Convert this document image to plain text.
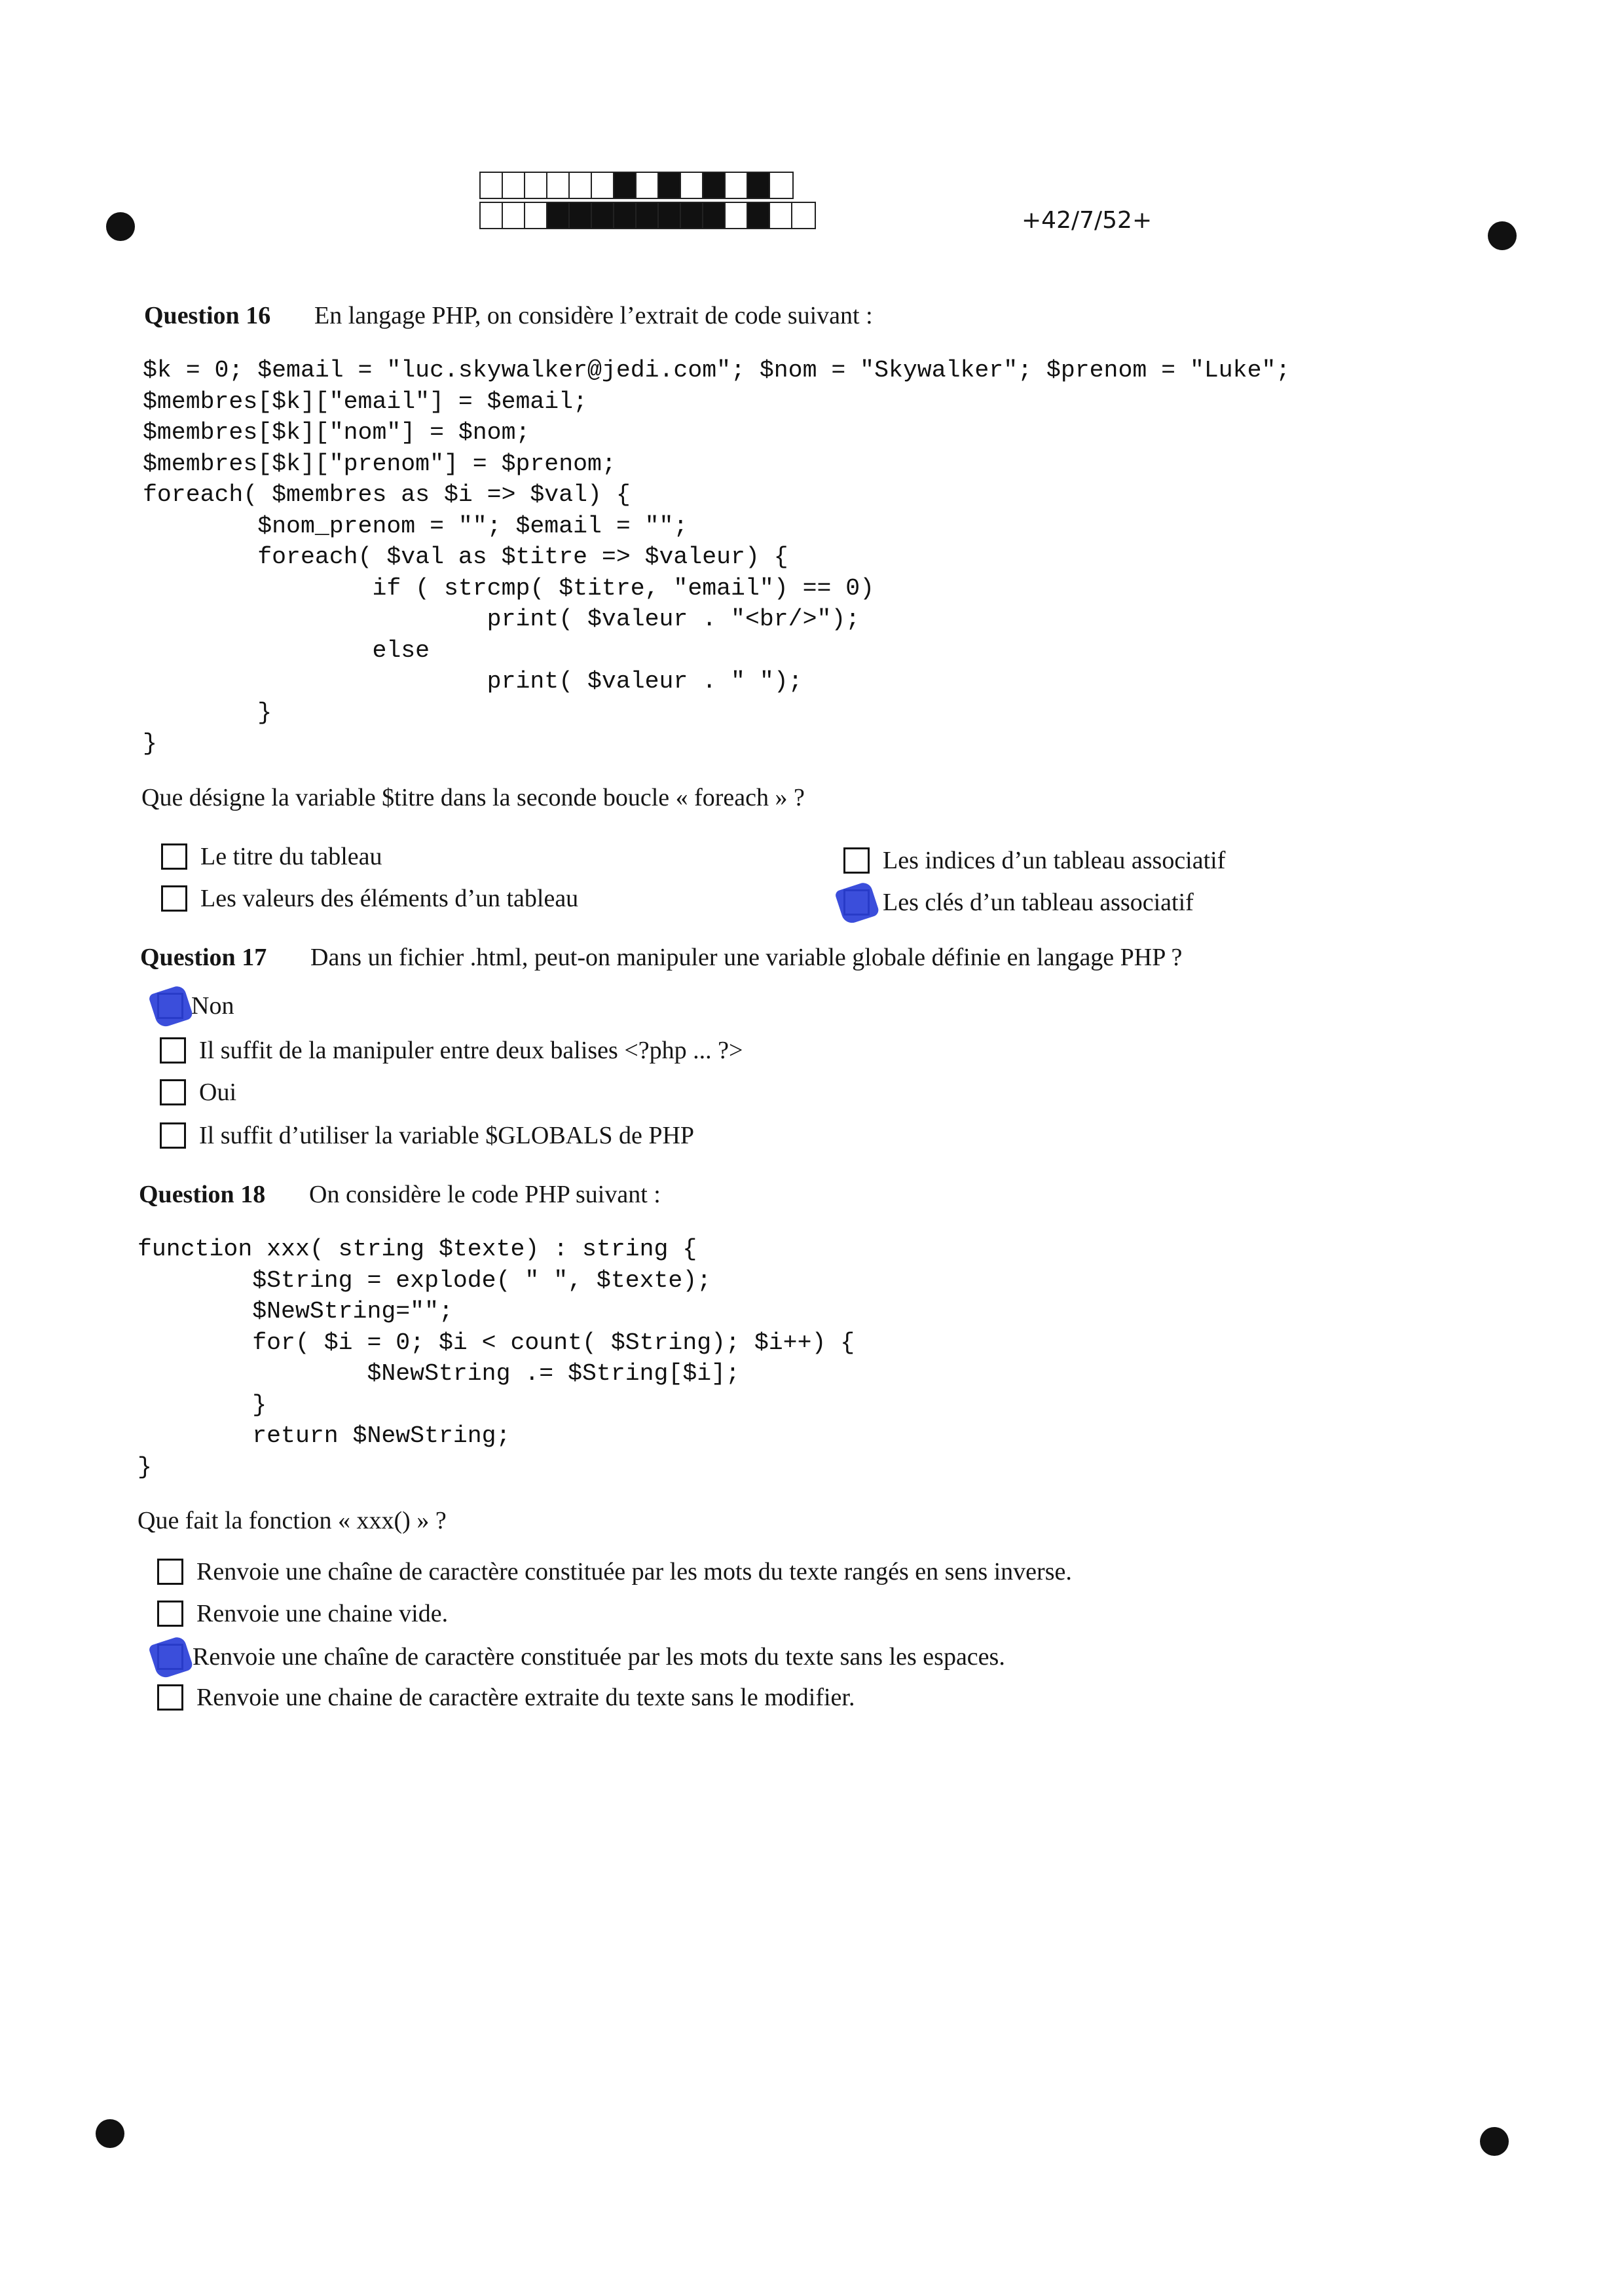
+42/7/52+
Question 16 En langage PHP, on considère l’extrait de code suivant :
$k = 0; $email = "luc.skywalker@jedi.com"; $nom = "Skywalker"; $prenom = "Luke";
$membres[$k]["email"] = $email;
$membres[$k]["nom"] = $nom;
$membres[$k]["prenom"] = $prenom;
foreach( $membres as $i => $val) {
$nom_prenom = ""; $email = "";
foreach( $val as $titre => $valeur) {
if ( strcmp( $titre, "email") == 0)
print( $valeur . "<br/>");
else
print( $valeur . " ");
}
}
Que désigne la variable $titre dans la seconde boucle « foreach » ?
Le titre du tableau
Les valeurs des éléments d’un tableau
Les indices d’un tableau associatif
Les clés d’un tableau associatif
Question 17 Dans un fichier .html, peut-on manipuler une variable globale définie en langage PHP ?
Non
Il suffit de la manipuler entre deux balises <?php ... ?>
Oui
Il suffit d’utiliser la variable $GLOBALS de PHP
Question 18 On considère le code PHP suivant :
function xxx( string $texte) : string {
$String = explode( " ", $texte);
$NewString="";
for( $i = 0; $i < count( $String); $i++) {
$NewString .= $String[$i];
}
return $NewString;
}
Que fait la fonction « xxx() » ?
Renvoie une chaîne de caractère constituée par les mots du texte rangés en sens inverse.
Renvoie une chaine vide.
Renvoie une chaîne de caractère constituée par les mots du texte sans les espaces.
Renvoie une chaine de caractère extraite du texte sans le modifier.
